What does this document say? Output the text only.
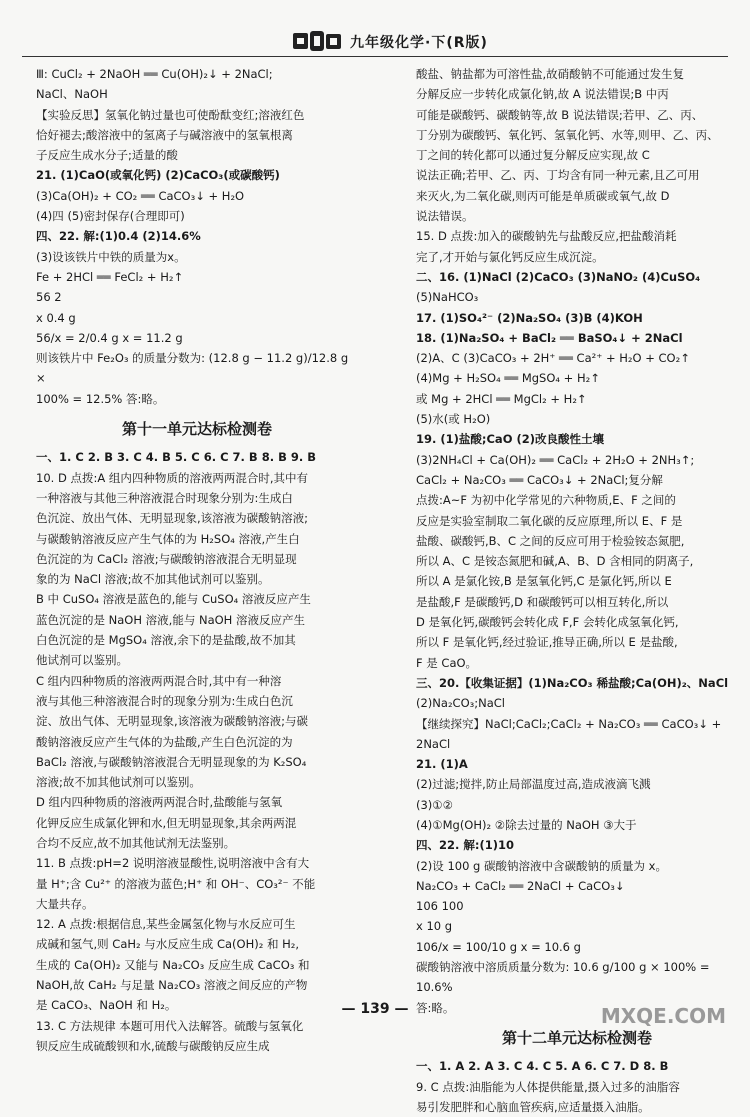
九年级化学·下(R版)

Ⅲ: CuCl₂ + 2NaOH ══ Cu(OH)₂↓ + 2NaCl;

NaCl、NaOH

【实验反思】氢氧化钠过量也可使酚酞变红;溶液红色

恰好褪去;酸溶液中的氢离子与碱溶液中的氢氧根离

子反应生成水分子;适量的酸

21. (1)CaO(或氧化钙) (2)CaCO₃(或碳酸钙)

(3)Ca(OH)₂ + CO₂ ══ CaCO₃↓ + H₂O

(4)四 (5)密封保存(合理即可)

四、22. 解:(1)0.4 (2)14.6%

(3)设该铁片中铁的质量为x。

Fe + 2HCl ══ FeCl₂ + H₂↑

56 2

x 0.4 g

56/x = 2/0.4 g x = 11.2 g

则该铁片中 Fe₂O₃ 的质量分数为: (12.8 g − 11.2 g)/12.8 g ×

100% = 12.5% 答:略。

第十一单元达标检测卷

一、1. C 2. B 3. C 4. B 5. C 6. C 7. B 8. B 9. B

10. D 点拨:A 组内四种物质的溶液两两混合时,其中有

一种溶液与其他三种溶液混合时现象分别为:生成白

色沉淀、放出气体、无明显现象,该溶液为碳酸钠溶液;

与碳酸钠溶液反应产生气体的为 H₂SO₄ 溶液,产生白

色沉淀的为 CaCl₂ 溶液;与碳酸钠溶液混合无明显现

象的为 NaCl 溶液;故不加其他试剂可以鉴别。

B 中 CuSO₄ 溶液是蓝色的,能与 CuSO₄ 溶液反应产生

蓝色沉淀的是 NaOH 溶液,能与 NaOH 溶液反应产生

白色沉淀的是 MgSO₄ 溶液,余下的是盐酸,故不加其

他试剂可以鉴别。

C 组内四种物质的溶液两两混合时,其中有一种溶

液与其他三种溶液混合时的现象分别为:生成白色沉

淀、放出气体、无明显现象,该溶液为碳酸钠溶液;与碳

酸钠溶液反应产生气体的为盐酸,产生白色沉淀的为

BaCl₂ 溶液,与碳酸钠溶液混合无明显现象的为 K₂SO₄

溶液;故不加其他试剂可以鉴别。

D 组内四种物质的溶液两两混合时,盐酸能与氢氧

化钾反应生成氯化钾和水,但无明显现象,其余两两混

合均不反应,故不加其他试剂无法鉴别。

11. B 点拨:pH=2 说明溶液显酸性,说明溶液中含有大

量 H⁺;含 Cu²⁺ 的溶液为蓝色;H⁺ 和 OH⁻、CO₃²⁻ 不能

大量共存。

12. A 点拨:根据信息,某些金属氢化物与水反应可生

成碱和氢气,则 CaH₂ 与水反应生成 Ca(OH)₂ 和 H₂,

生成的 Ca(OH)₂ 又能与 Na₂CO₃ 反应生成 CaCO₃ 和

NaOH,故 CaH₂ 与足量 Na₂CO₃ 溶液之间反应的产物

是 CaCO₃、NaOH 和 H₂。

13. C 方法规律 本题可用代入法解答。硫酸与氢氧化

钡反应生成硫酸钡和水,硫酸与碳酸钠反应生成

酸盐、钠盐都为可溶性盐,故硝酸钠不可能通过发生复

分解反应一步转化成氯化钠,故 A 说法错误;B 中丙

可能是碳酸钙、碳酸钠等,故 B 说法错误;若甲、乙、丙、

丁分别为碳酸钙、氧化钙、氢氧化钙、水等,则甲、乙、丙、

丁之间的转化都可以通过复分解反应实现,故 C

说法正确;若甲、乙、丙、丁均含有同一种元素,且乙可用

来灭火,为二氧化碳,则丙可能是单质碳或氧气,故 D

说法错误。

15. D 点拨:加入的碳酸钠先与盐酸反应,把盐酸消耗

完了,才开始与氯化钙反应生成沉淀。

二、16. (1)NaCl (2)CaCO₃ (3)NaNO₂ (4)CuSO₄

(5)NaHCO₃

17. (1)SO₄²⁻ (2)Na₂SO₄ (3)B (4)KOH

18. (1)Na₂SO₄ + BaCl₂ ══ BaSO₄↓ + 2NaCl

(2)A、C (3)CaCO₃ + 2H⁺ ══ Ca²⁺ + H₂O + CO₂↑

(4)Mg + H₂SO₄ ══ MgSO₄ + H₂↑

或 Mg + 2HCl ══ MgCl₂ + H₂↑

(5)水(或 H₂O)

19. (1)盐酸;CaO (2)改良酸性土壤

(3)2NH₄Cl + Ca(OH)₂ ══ CaCl₂ + 2H₂O + 2NH₃↑;

CaCl₂ + Na₂CO₃ ══ CaCO₃↓ + 2NaCl;复分解

点拨:A~F 为初中化学常见的六种物质,E、F 之间的

反应是实验室制取二氧化碳的反应原理,所以 E、F 是

盐酸、碳酸钙,B、C 之间的反应可用于检验铵态氮肥,

所以 A、C 是铵态氮肥和碱,A、B、D 含相同的阴离子,

所以 A 是氯化铵,B 是氢氧化钙,C 是氯化钙,所以 E

是盐酸,F 是碳酸钙,D 和碳酸钙可以相互转化,所以

D 是氧化钙,碳酸钙会转化成 F,F 会转化成氢氧化钙,

所以 F 是氧化钙,经过验证,推导正确,所以 E 是盐酸,

F 是 CaO。

三、20.【收集证据】(1)Na₂CO₃ 稀盐酸;Ca(OH)₂、NaCl

(2)Na₂CO₃;NaCl

【继续探究】NaCl;CaCl₂;CaCl₂ + Na₂CO₃ ══ CaCO₃↓ +

2NaCl

21. (1)A

(2)过滤;搅拌,防止局部温度过高,造成液滴飞溅

(3)①②

(4)①Mg(OH)₂ ②除去过量的 NaOH ③大于

四、22. 解:(1)10

(2)设 100 g 碳酸钠溶液中含碳酸钠的质量为 x。

Na₂CO₃ + CaCl₂ ══ 2NaCl + CaCO₃↓

106 100

x 10 g

106/x = 100/10 g x = 10.6 g

碳酸钠溶液中溶质质量分数为: 10.6 g/100 g × 100% =

10.6%

答:略。

第十二单元达标检测卷

一、1. A 2. A 3. C 4. C 5. A 6. C 7. D 8. B

9. C 点拨:油脂能为人体提供能量,摄入过多的油脂容

易引发肥胖和心脑血管疾病,应适量摄入油脂。

— 139 —	MXQE.COM
